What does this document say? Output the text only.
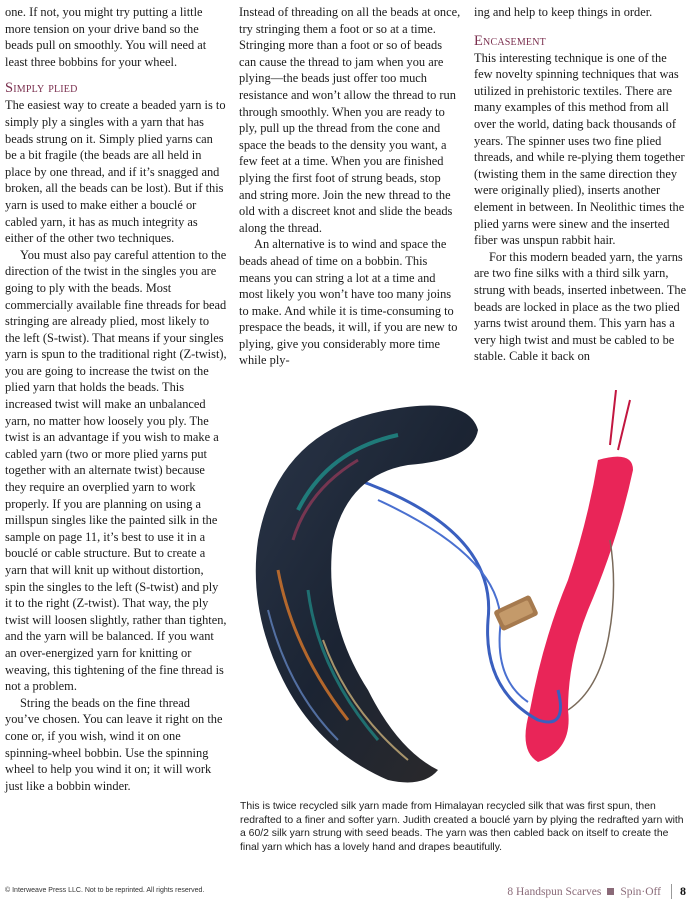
one. If not, you might try putting a little more tension on your drive band so the beads pull on smoothly. You will need at least three bobbins for your wheel.

Simply plied

The easiest way to create a beaded yarn is to simply ply a singles with a yarn that has beads strung on it. Simply plied yarns can be a bit fragile (the beads are all held in place by one thread, and if it’s snagged and broken, all the beads can be lost). But if this yarn is used to make either a bouclé or cabled yarn, it has as much integrity as either of the other two techniques.

You must also pay careful attention to the direction of the twist in the singles you are going to ply with the beads. Most commercially available fine threads for bead stringing are already plied, most likely to the left (S-twist). That means if your singles yarn is spun to the traditional right (Z-twist), you are going to increase the twist on the plied yarn that holds the beads. This increased twist will make an unbalanced yarn, no matter how loosely you ply. The twist is an advantage if you wish to make a cabled yarn (two or more plied yarns put together with an alternate twist) because they require an overplied yarn to work properly. If you are planning on using a millspun singles like the painted silk in the sample on page 11, it’s best to use it in a bouclé or cable structure. But to create a yarn that will knit up without distortion, spin the singles to the left (S-twist) and ply it to the right (Z-twist). That way, the ply twist will loosen slightly, rather than tighten, and the yarn will be balanced. If you want an over-energized yarn for knitting or weaving, this tightening of the fine thread is not a problem.

String the beads on the fine thread you’ve chosen. You can leave it right on the cone or, if you wish, wind it on one spinning-wheel bobbin. Use the spinning wheel to help you wind it on; it will work just like a bobbin winder.

Instead of threading on all the beads at once, try stringing them a foot or so at a time. Stringing more than a foot or so of beads can cause the thread to jam when you are plying—the beads just offer too much resistance and won’t allow the thread to run through smoothly. When you are ready to ply, pull up the thread from the cone and space the beads to the density you want, a few feet at a time. When you are finished plying the first foot of strung beads, stop and string more. Join the new thread to the old with a discreet knot and slide the beads along the thread.

An alternative is to wind and space the beads ahead of time on a bobbin. This means you can string a lot at a time and most likely you won’t have too many joins to make. And while it is time-consuming to prespace the beads, it will, if you are new to plying, give you considerably more time while ply-

ing and help to keep things in order.

Encasement

This interesting technique is one of the few novelty spinning techniques that was utilized in prehistoric textiles. There are many examples of this method from all over the world, dating back thousands of years. The spinner uses two fine plied threads, and while re-plying them together (twisting them in the same direction they were originally plied), inserts another element in between. In Neolithic times the plied yarns were sinew and the inserted fiber was unspun rabbit hair.

For this modern beaded yarn, the yarns are two fine silks with a third silk yarn, strung with beads, inserted inbetween. The beads are locked in place as the two plied yarns twist around them. This yarn has a very high twist and must be cabled to be stable. Cable it back on

This is twice recycled silk yarn made from Himalayan recycled silk that was first spun, then redrafted to a finer and softer yarn. Judith created a bouclé yarn by plying the redrafted yarn with a 60/2 silk yarn strung with seed beads. The yarn was then cabled back on itself to create the final yarn which has a lovely hand and drapes beautifully.
© Interweave Press LLC. Not to be reprinted. All rights reserved.	8 Handspun Scarves Spin·Off	8
